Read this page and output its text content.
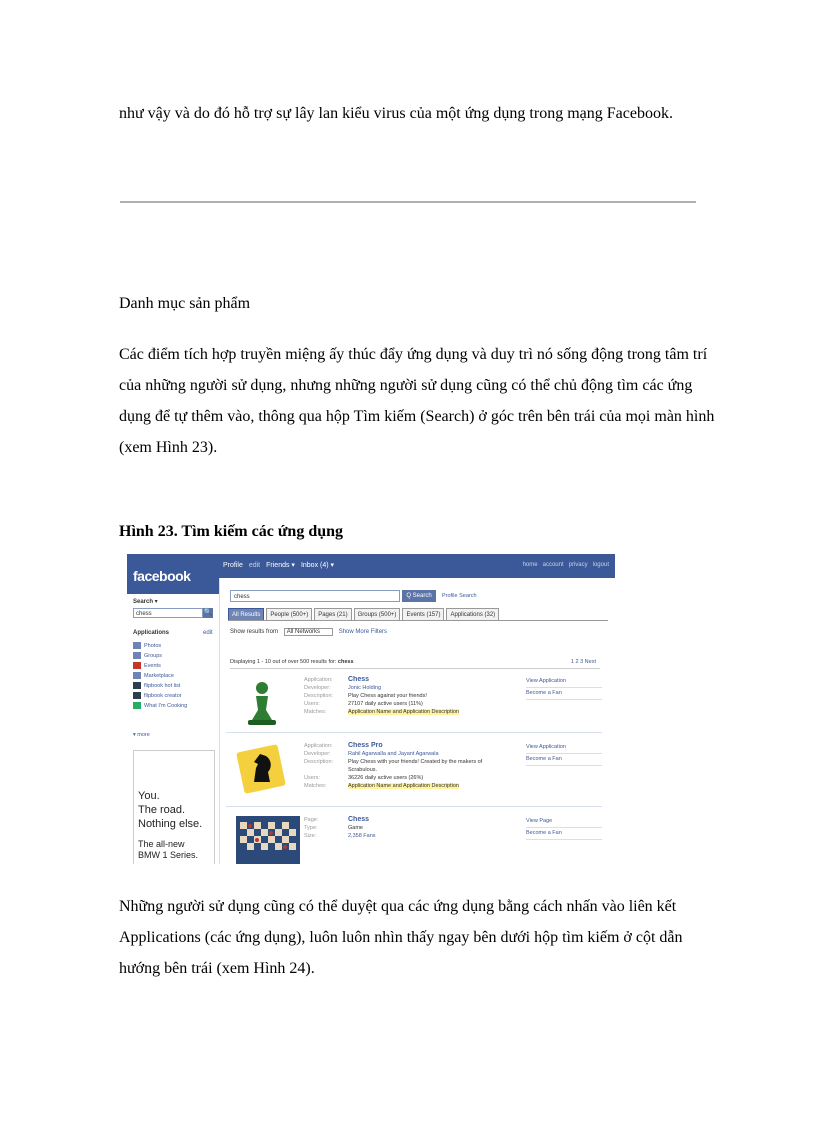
như vậy và do đó hỗ trợ sự lây lan kiểu virus của một ứng dụng trong mạng Facebook.

Danh mục sản phẩm

Các điểm tích hợp truyền miệng ấy thúc đẩy ứng dụng và duy trì nó sống động trong tâm trí của những người sử dụng, nhưng những người sử dụng cũng có thể chủ động tìm các ứng dụng để tự thêm vào, thông qua hộp Tìm kiếm (Search) ở góc trên bên trái của mọi màn hình (xem Hình 23).

Hình 23. Tìm kiếm các ứng dụng

facebook
Profile edit Friends ▾ Inbox (4) ▾	home account privacy logout
Search ▾
chess	🔍
Applications	edit
Photos
Groups
Events
Marketplace
flipbook hot list
flipbook creator
What I'm Cooking
▾ more
You.
The road.
Nothing else.
The all-new
BMW 1 Series.
chess	Q Search	Profile Search
All Results	People (500+)	Pages (21)	Groups (500+)	Events (157)	Applications (32)
Show results from All Networks	Show More Filters
Displaying 1 - 10 out of over 500 results for: chess	1 2 3 Next
Application: Chess
Developer:	Jonic Holding
Description:	Play Chess against your friends!
Users:	27107 daily active users (11%)
Matches:	Application Name and Application Description
View Application
Become a Fan
Application: Chess Pro
Developer:	Rahil Agarwalla and Jayant Agarwala
Description:	Play Chess with your friends! Created by the makers of
Scrabulous.
Users:	36226 daily active users (26%)
Matches:	Application Name and Application Description
View Application
Become a Fan
Page:	Chess
Type:	Game
Size:	2,358 Fans
View Page
Become a Fan

Những người sử dụng cũng có thể duyệt qua các ứng dụng bằng cách nhấn vào liên kết Applications (các ứng dụng), luôn luôn nhìn thấy ngay bên dưới hộp tìm kiếm ở cột dẫn hướng bên trái (xem Hình 24).
